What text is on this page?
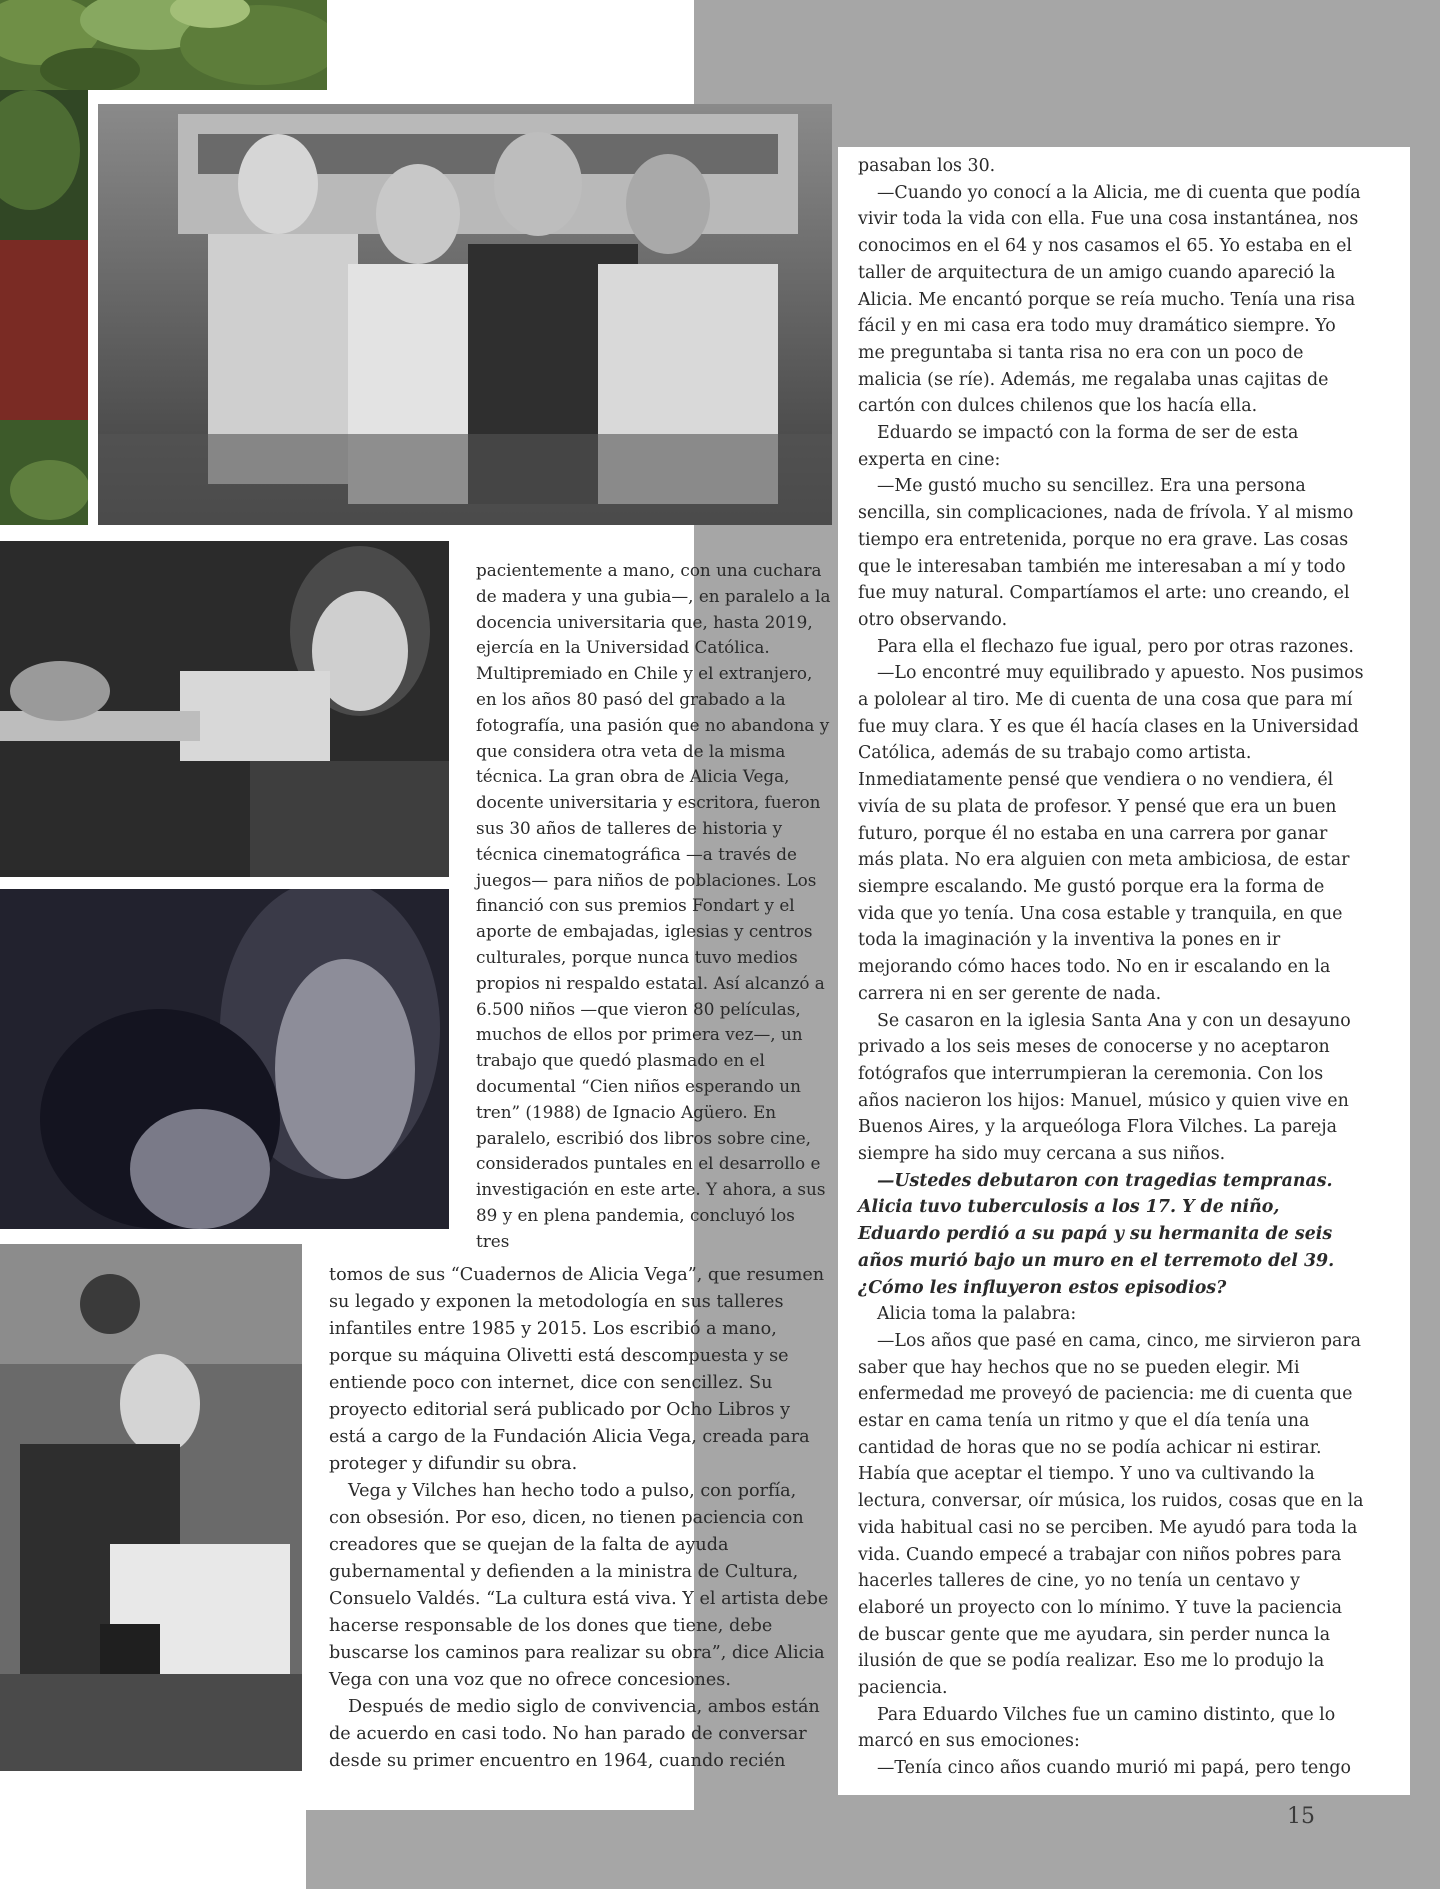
pacientemente a mano, con una cuchara de madera y una gubia—, en paralelo a la docencia universitaria que, hasta 2019, ejercía en la Universidad Católica. Multipremiado en Chile y el extranjero, en los años 80 pasó del grabado a la fotografía, una pasión que no abandona y que considera otra veta de la misma técnica. La gran obra de Alicia Vega, docente universitaria y escritora, fueron sus 30 años de talleres de historia y técnica cinematográfica —a través de juegos— para niños de poblaciones. Los financió con sus premios Fondart y el aporte de embajadas, iglesias y centros culturales, porque nunca tuvo medios propios ni respaldo estatal. Así alcanzó a 6.500 niños —que vieron 80 películas, muchos de ellos por primera vez—, un trabajo que quedó plasmado en el documental “Cien niños esperando un tren” (1988) de Ignacio Agüero. En paralelo, escribió dos libros sobre cine, considerados puntales en el desarrollo e investigación en este arte. Y ahora, a sus 89 y en plena pandemia, concluyó los tres

tomos de sus “Cuadernos de Alicia Vega”, que resumen su legado y exponen la metodología en sus talleres infantiles entre 1985 y 2015. Los escribió a mano, porque su máquina Olivetti está descompuesta y se entiende poco con internet, dice con sencillez. Su proyecto editorial será publicado por Ocho Libros y está a cargo de la Fundación Alicia Vega, creada para proteger y difundir su obra.

Vega y Vilches han hecho todo a pulso, con porfía, con obsesión. Por eso, dicen, no tienen paciencia con creadores que se quejan de la falta de ayuda gubernamental y defienden a la ministra de Cultura, Consuelo Valdés. “La cultura está viva. Y el artista debe hacerse responsable de los dones que tiene, debe buscarse los caminos para realizar su obra”, dice Alicia Vega con una voz que no ofrece concesiones.

Después de medio siglo de convivencia, ambos están de acuerdo en casi todo. No han parado de conversar desde su primer encuentro en 1964, cuando recién

pasaban los 30.

—Cuando yo conocí a la Alicia, me di cuenta que podía vivir toda la vida con ella. Fue una cosa instantánea, nos conocimos en el 64 y nos casamos el 65. Yo estaba en el taller de arquitectura de un amigo cuando apareció la Alicia. Me encantó porque se reía mucho. Tenía una risa fácil y en mi casa era todo muy dramático siempre. Yo me preguntaba si tanta risa no era con un poco de malicia (se ríe). Además, me regalaba unas cajitas de cartón con dulces chilenos que los hacía ella.

Eduardo se impactó con la forma de ser de esta experta en cine:

—Me gustó mucho su sencillez. Era una persona sencilla, sin complicaciones, nada de frívola. Y al mismo tiempo era entretenida, porque no era grave. Las cosas que le interesaban también me interesaban a mí y todo fue muy natural. Compartíamos el arte: uno creando, el otro observando.

Para ella el flechazo fue igual, pero por otras razones.

—Lo encontré muy equilibrado y apuesto. Nos pusimos a pololear al tiro. Me di cuenta de una cosa que para mí fue muy clara. Y es que él hacía clases en la Universidad Católica, además de su trabajo como artista. Inmediatamente pensé que vendiera o no vendiera, él vivía de su plata de profesor. Y pensé que era un buen futuro, porque él no estaba en una carrera por ganar más plata. No era alguien con meta ambiciosa, de estar siempre escalando. Me gustó porque era la forma de vida que yo tenía. Una cosa estable y tranquila, en que toda la imaginación y la inventiva la pones en ir mejorando cómo haces todo. No en ir escalando en la carrera ni en ser gerente de nada.

Se casaron en la iglesia Santa Ana y con un desayuno privado a los seis meses de conocerse y no aceptaron fotógrafos que interrumpieran la ceremonia. Con los años nacieron los hijos: Manuel, músico y quien vive en Buenos Aires, y la arqueóloga Flora Vilches. La pareja siempre ha sido muy cercana a sus niños.

—Ustedes debutaron con tragedias tempranas. Alicia tuvo tuberculosis a los 17. Y de niño, Eduardo perdió a su papá y su hermanita de seis años murió bajo un muro en el terremoto del 39. ¿Cómo les influyeron estos episodios?

Alicia toma la palabra:

—Los años que pasé en cama, cinco, me sirvieron para saber que hay hechos que no se pueden elegir. Mi enfermedad me proveyó de paciencia: me di cuenta que estar en cama tenía un ritmo y que el día tenía una cantidad de horas que no se podía achicar ni estirar. Había que aceptar el tiempo. Y uno va cultivando la lectura, conversar, oír música, los ruidos, cosas que en la vida habitual casi no se perciben. Me ayudó para toda la vida. Cuando empecé a trabajar con niños pobres para hacerles talleres de cine, yo no tenía un centavo y elaboré un proyecto con lo mínimo. Y tuve la paciencia de buscar gente que me ayudara, sin perder nunca la ilusión de que se podía realizar. Eso me lo produjo la paciencia.

Para Eduardo Vilches fue un camino distinto, que lo marcó en sus emociones:

—Tenía cinco años cuando murió mi papá, pero tengo

15
